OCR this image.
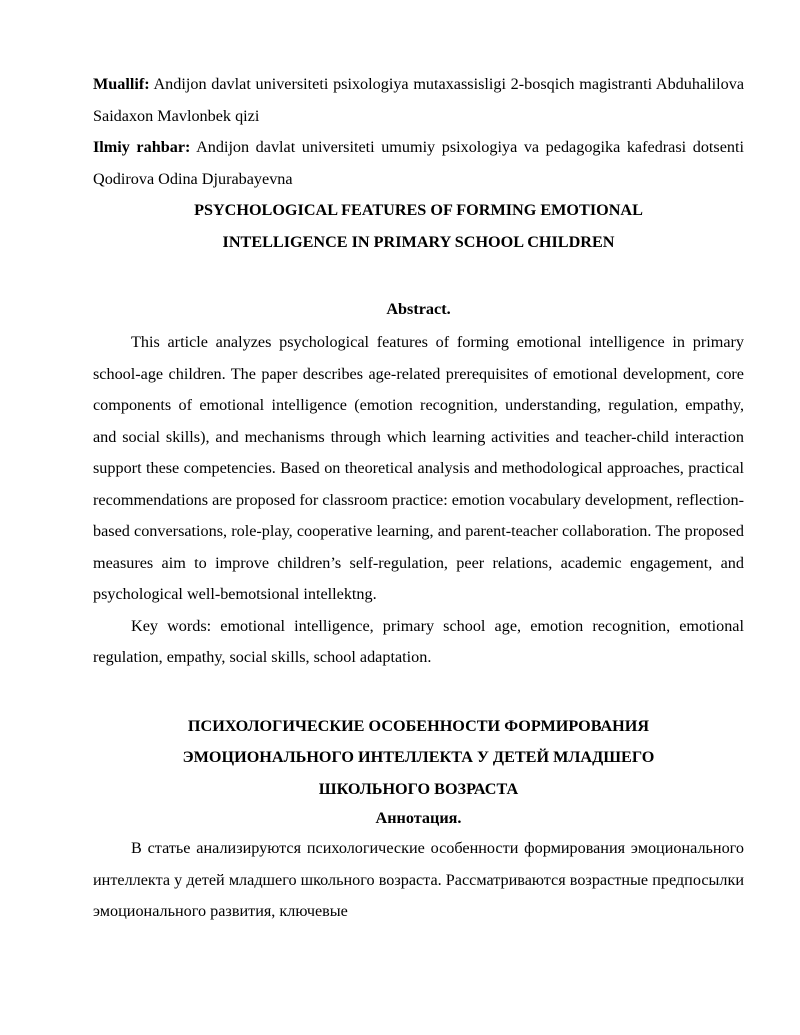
Muallif: Andijon davlat universiteti psixologiya mutaxassisligi 2-bosqich magistranti Abduhalilova Saidaxon Mavlonbek qizi

Ilmiy rahbar: Andijon davlat universiteti umumiy psixologiya va pedagogika kafedrasi dotsenti Qodirova Odina Djurabayevna

PSYCHOLOGICAL FEATURES OF FORMING EMOTIONAL

INTELLIGENCE IN PRIMARY SCHOOL CHILDREN

Abstract.

This article analyzes psychological features of forming emotional intelligence in primary school-age children. The paper describes age-related prerequisites of emotional development, core components of emotional intelligence (emotion recognition, understanding, regulation, empathy, and social skills), and mechanisms through which learning activities and teacher-child interaction support these competencies. Based on theoretical analysis and methodological approaches, practical recommendations are proposed for classroom practice: emotion vocabulary development, reflection-based conversations, role-play, cooperative learning, and parent-teacher collaboration. The proposed measures aim to improve children’s self-regulation, peer relations, academic engagement, and psychological well-bemotsional intellektng.

Key words: emotional intelligence, primary school age, emotion recognition, emotional regulation, empathy, social skills, school adaptation.

ПСИХОЛОГИЧЕСКИЕ ОСОБЕННОСТИ ФОРМИРОВАНИЯ

ЭМОЦИОНАЛЬНОГО ИНТЕЛЛЕКТА У ДЕТЕЙ МЛАДШЕГО

ШКОЛЬНОГО ВОЗРАСТА

Аннотация.

В статье анализируются психологические особенности формирования эмоционального интеллекта у детей младшего школьного возраста. Рассматриваются возрастные предпосылки эмоционального развития, ключевые
